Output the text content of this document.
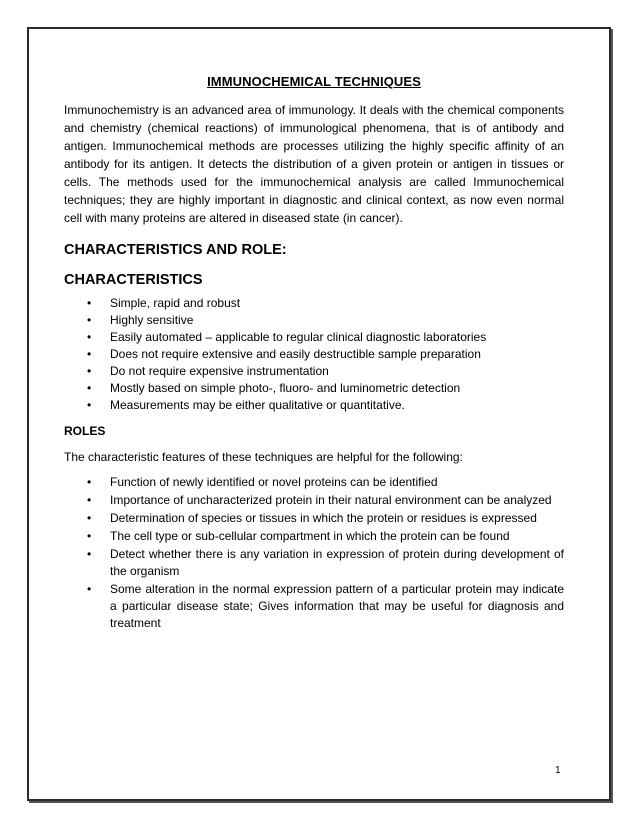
IMMUNOCHEMICAL TECHNIQUES

Immunochemistry is an advanced area of immunology. It deals with the chemical components and chemistry (chemical reactions) of immunological phenomena, that is of antibody and antigen. Immunochemical methods are processes utilizing the highly specific affinity of an antibody for its antigen. It detects the distribution of a given protein or antigen in tissues or cells. The methods used for the immunochemical analysis are called Immunochemical techniques; they are highly important in diagnostic and clinical context, as now even normal cell with many proteins are altered in diseased state (in cancer).

CHARACTERISTICS AND ROLE:
CHARACTERISTICS
• Simple, rapid and robust
• Highly sensitive
• Easily automated – applicable to regular clinical diagnostic laboratories
• Does not require extensive and easily destructible sample preparation
• Do not require expensive instrumentation
• Mostly based on simple photo-, fluoro- and luminometric detection
• Measurements may be either qualitative or quantitative.
ROLES

The characteristic features of these techniques are helpful for the following:

• Function of newly identified or novel proteins can be identified
• Importance of uncharacterized protein in their natural environment can be analyzed
• Determination of species or tissues in which the protein or residues is expressed
• The cell type or sub-cellular compartment in which the protein can be found
• Detect whether there is any variation in expression of protein during development of the organism
• Some alteration in the normal expression pattern of a particular protein may indicate a particular disease state; Gives information that may be useful for diagnosis and treatment
1
